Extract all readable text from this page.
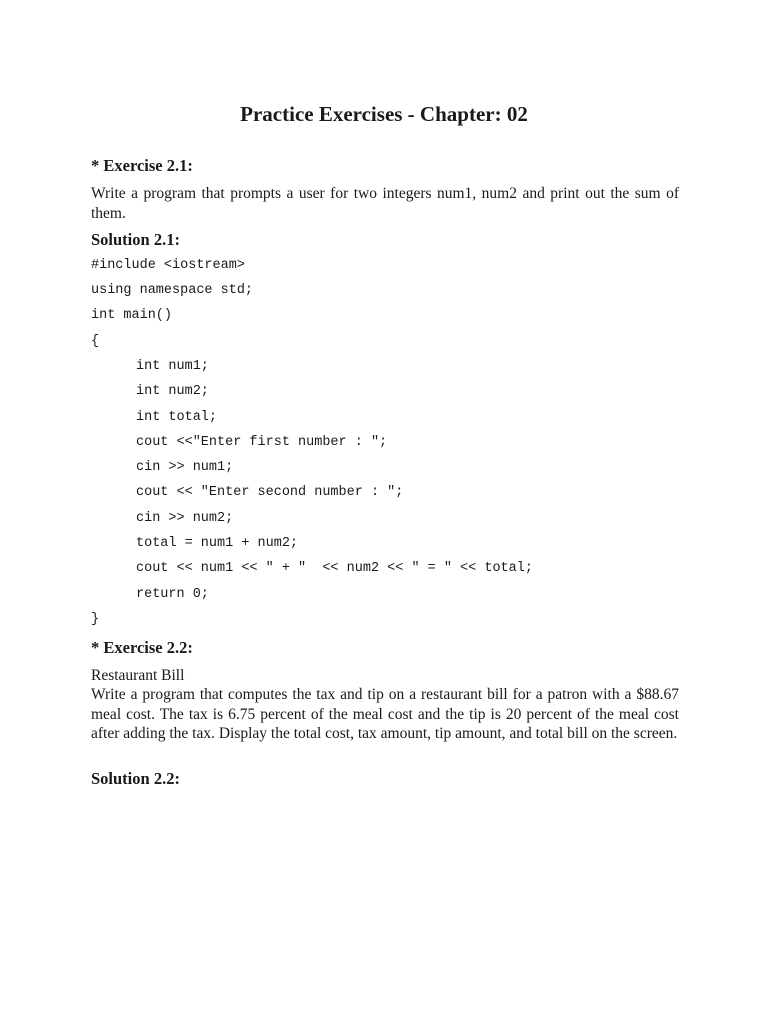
Practice Exercises - Chapter: 02
* Exercise 2.1:
Write a program that prompts a user for two integers num1, num2 and print out the sum of them.
Solution 2.1:
#include <iostream>
using namespace std;
int main()
{
int num1;
int num2;
int total;
cout <<"Enter first number : ";
cin >> num1;
cout << "Enter second number : ";
cin >> num2;
total = num1 + num2;
cout << num1 << " + "  << num2 << " = " << total;
return 0;
}
* Exercise 2.2:
Restaurant Bill
Write a program that computes the tax and tip on a restaurant bill for a patron with a $88.67 meal cost. The tax is 6.75 percent of the meal cost and the tip is 20 percent of the meal cost after adding the tax. Display the total cost, tax amount, tip amount, and total bill on the screen.
Solution 2.2:
